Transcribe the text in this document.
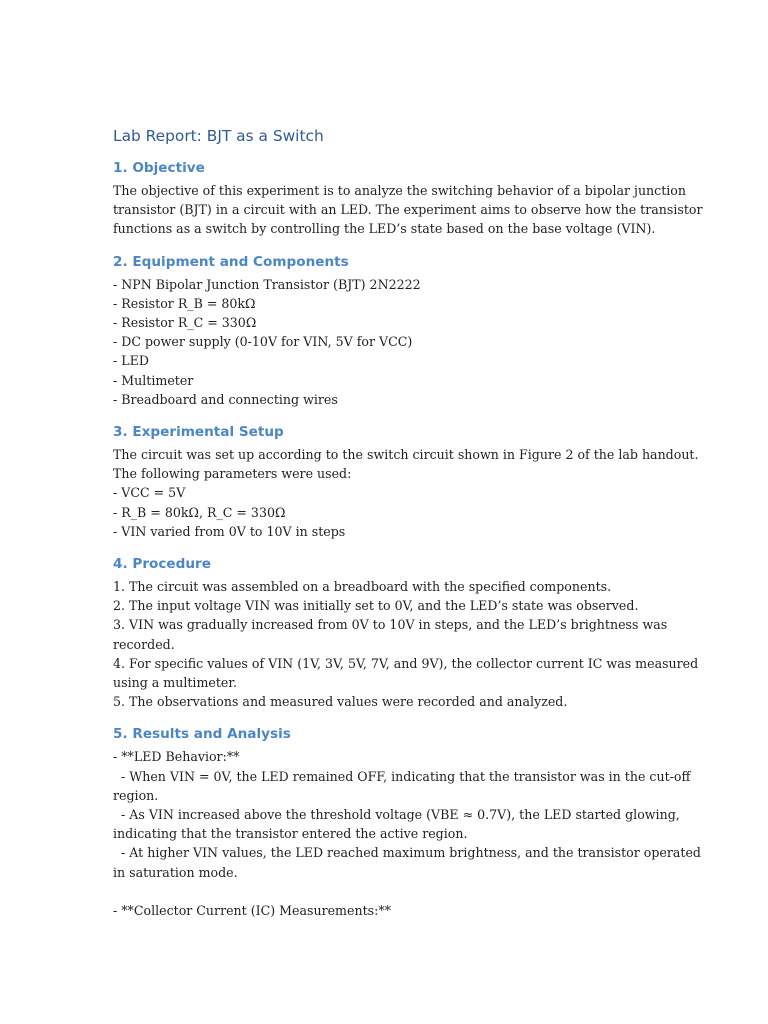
Lab Report: BJT as a Switch
1. Objective

The objective of this experiment is to analyze the switching behavior of a bipolar junction

transistor (BJT) in a circuit with an LED. The experiment aims to observe how the transistor

functions as a switch by controlling the LED’s state based on the base voltage (VIN).

2. Equipment and Components

- NPN Bipolar Junction Transistor (BJT) 2N2222

- Resistor R_B = 80kΩ

- Resistor R_C = 330Ω

- DC power supply (0-10V for VIN, 5V for VCC)

- LED

- Multimeter

- Breadboard and connecting wires

3. Experimental Setup

The circuit was set up according to the switch circuit shown in Figure 2 of the lab handout.

The following parameters were used:

- VCC = 5V

- R_B = 80kΩ, R_C = 330Ω

- VIN varied from 0V to 10V in steps

4. Procedure

1. The circuit was assembled on a breadboard with the specified components.

2. The input voltage VIN was initially set to 0V, and the LED’s state was observed.

3. VIN was gradually increased from 0V to 10V in steps, and the LED’s brightness was

recorded.

4. For specific values of VIN (1V, 3V, 5V, 7V, and 9V), the collector current IC was measured

using a multimeter.

5. The observations and measured values were recorded and analyzed.

5. Results and Analysis

- **LED Behavior:**

- When VIN = 0V, the LED remained OFF, indicating that the transistor was in the cut-off

region.

- As VIN increased above the threshold voltage (VBE ≈ 0.7V), the LED started glowing,

indicating that the transistor entered the active region.

- At higher VIN values, the LED reached maximum brightness, and the transistor operated

in saturation mode.

- **Collector Current (IC) Measurements:**
